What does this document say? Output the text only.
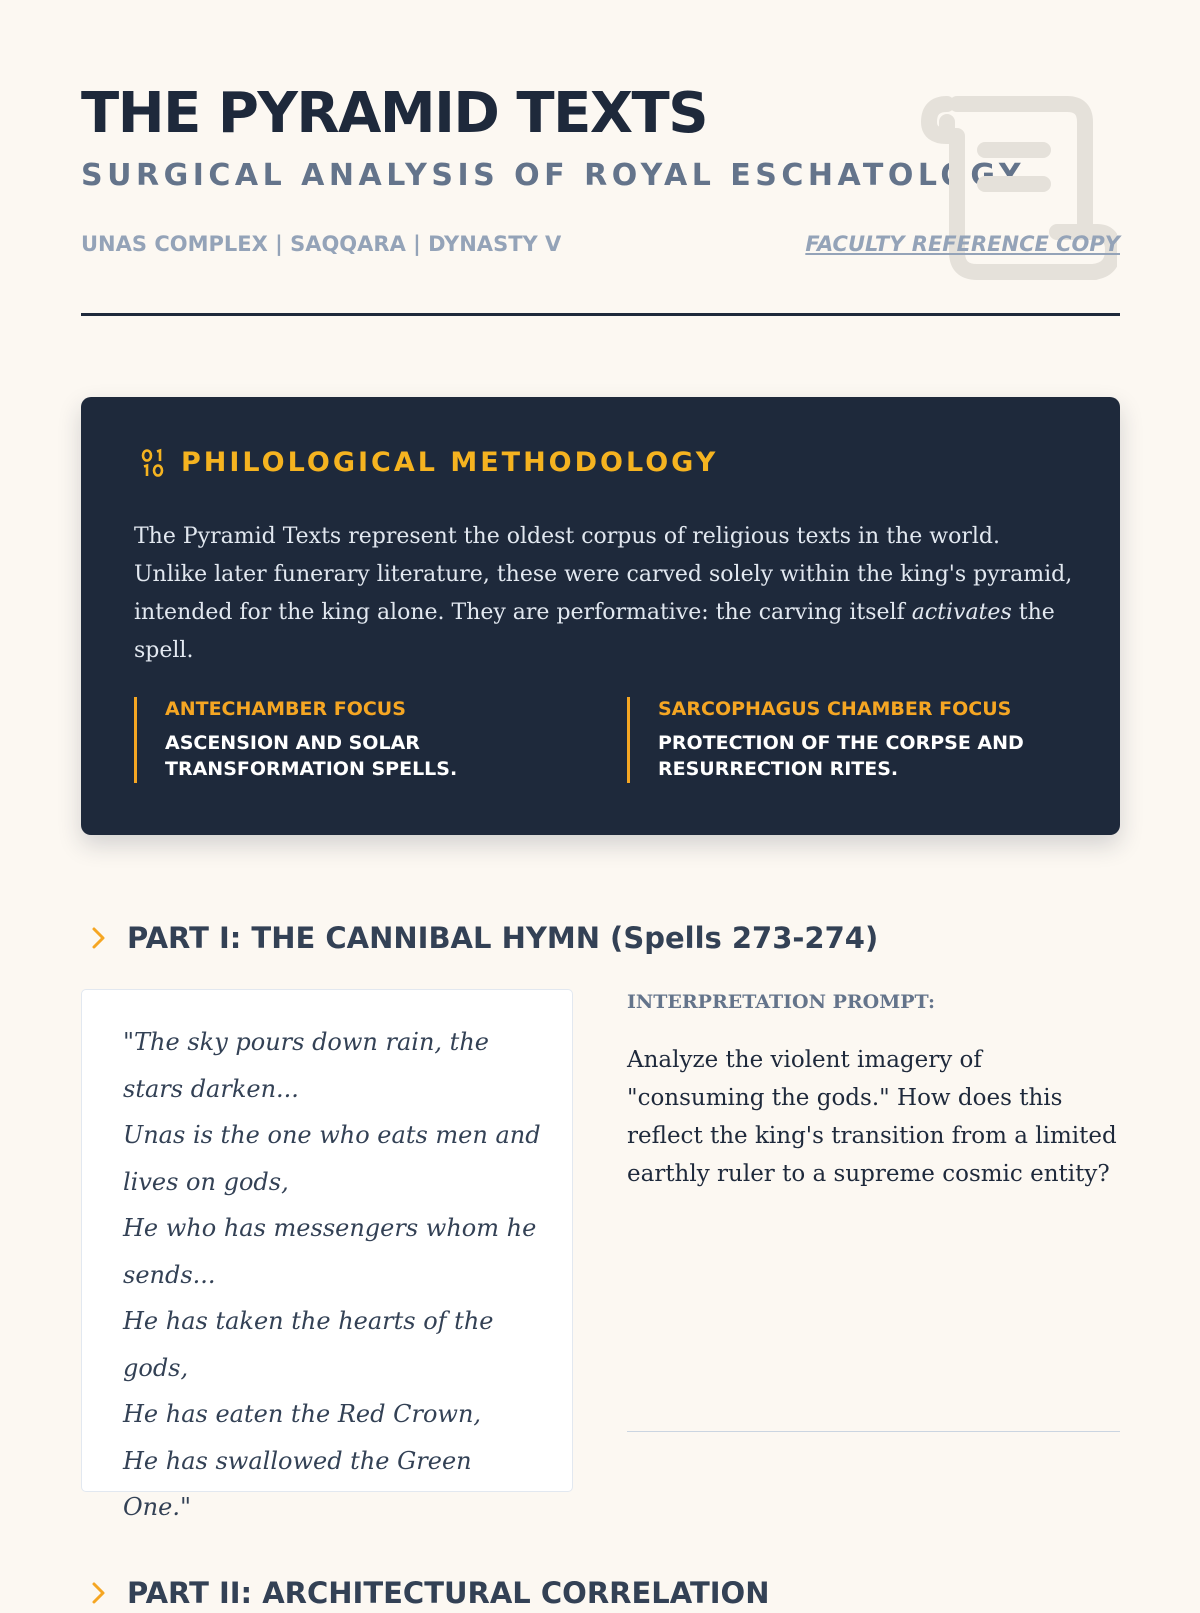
THE PYRAMID TEXTS
SURGICAL ANALYSIS OF ROYAL ESCHATOLOGY
UNAS COMPLEX | SAQQARA | DYNASTY V	FACULTY REFERENCE COPY
PHILOLOGICAL METHODOLOGY

The Pyramid Texts represent the oldest corpus of religious texts in the world. Unlike later funerary literature, these were carved solely within the king's pyramid, intended for the king alone. They are performative: the carving itself activates the spell.

ANTECHAMBER FOCUS
ASCENSION AND SOLAR TRANSFORMATION SPELLS.
SARCOPHAGUS CHAMBER FOCUS
PROTECTION OF THE CORPSE AND RESURRECTION RITES.
PART I: THE CANNIBAL HYMN (Spells 273-274)

"The sky pours down rain, the stars darken...
Unas is the one who eats men and lives on gods,
He who has messengers whom he sends...
He has taken the hearts of the gods,
He has eaten the Red Crown,
He has swallowed the Green One."

INTERPRETATION PROMPT:

Analyze the violent imagery of "consuming the gods." How does this reflect the king's transition from a limited earthly ruler to a supreme cosmic entity?

PART II: ARCHITECTURAL CORRELATION
